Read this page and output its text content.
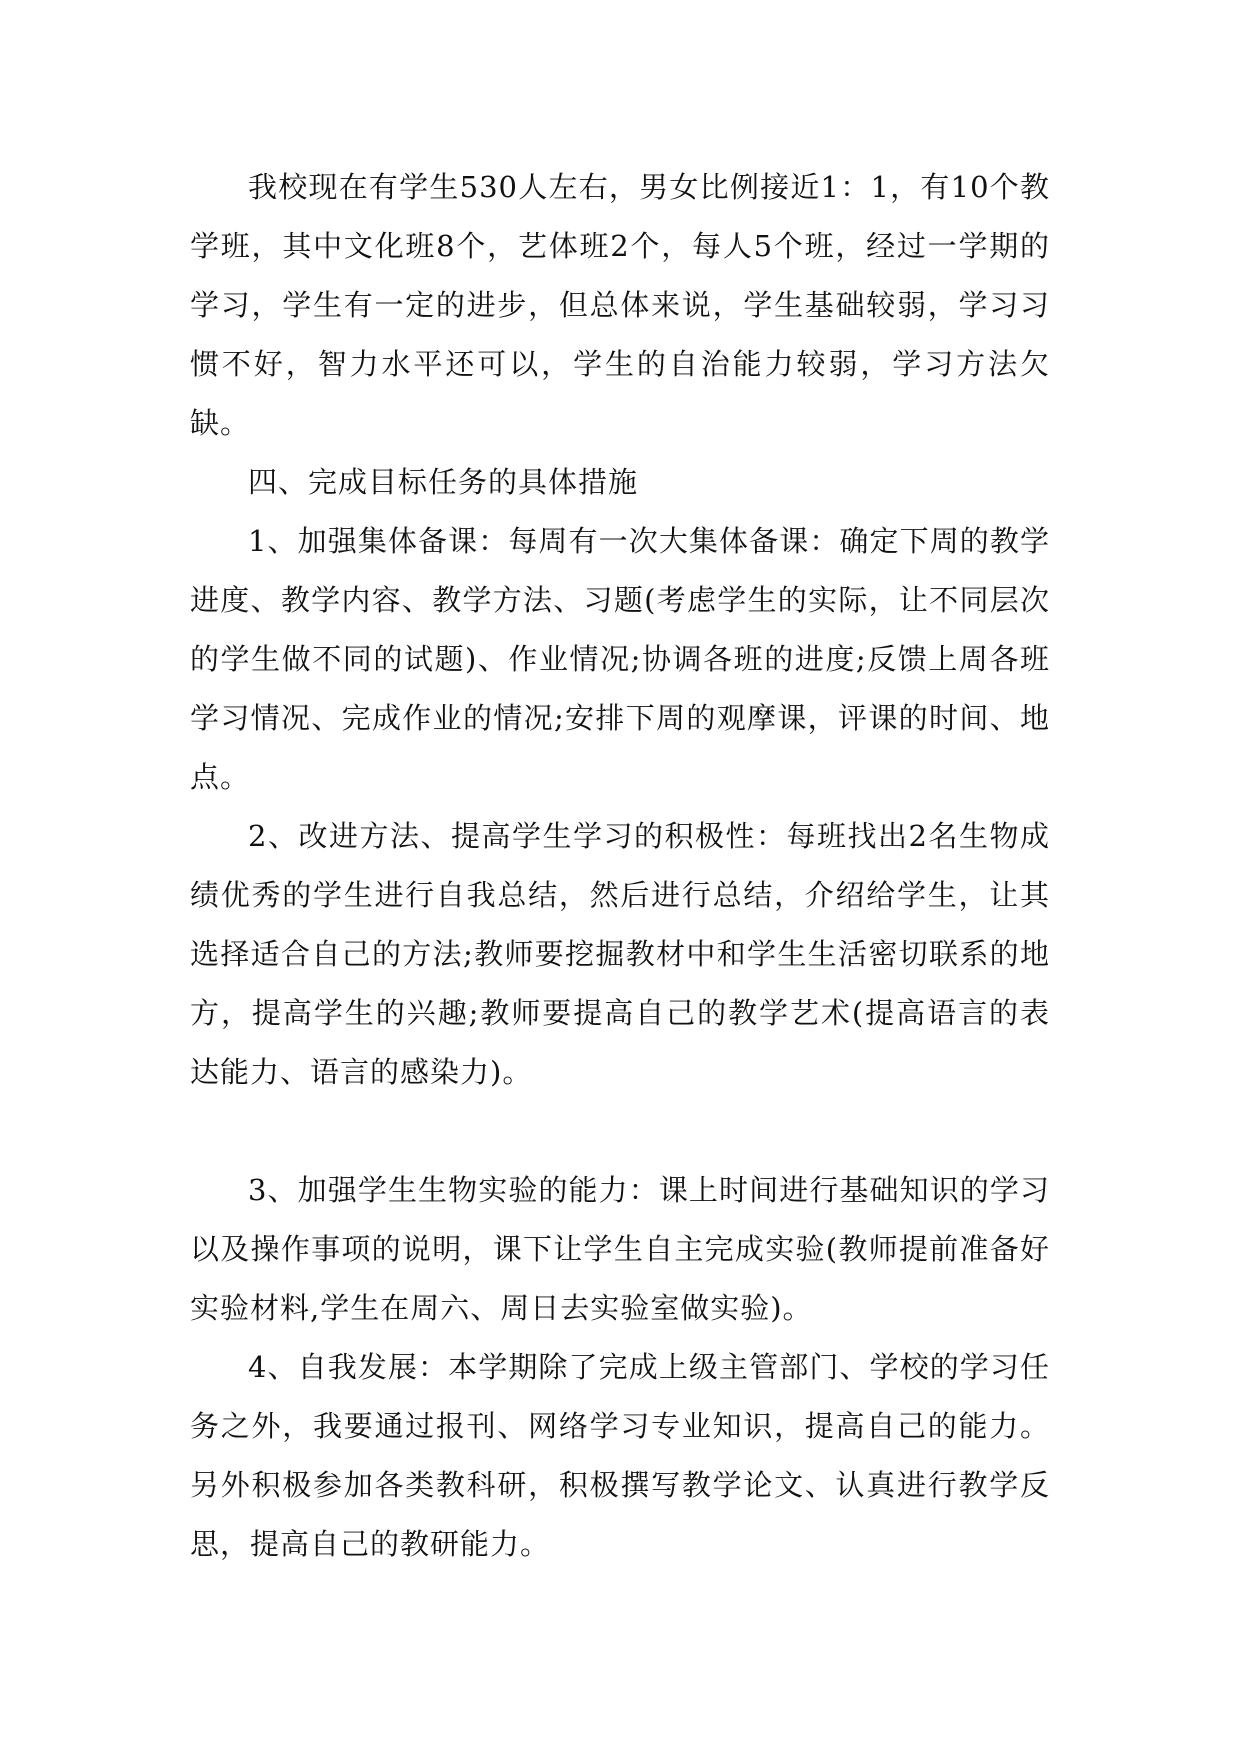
我校现在有学生530人左右，男女比例接近1：1，有10个教学班，其中文化班8个，艺体班2个，每人5个班，经过一学期的学习，学生有一定的进步，但总体来说，学生基础较弱，学习习惯不好，智力水平还可以，学生的自治能力较弱，学习方法欠缺。

四、完成目标任务的具体措施

1、加强集体备课：每周有一次大集体备课：确定下周的教学进度、教学内容、教学方法、习题(考虑学生的实际，让不同层次的学生做不同的试题)、作业情况;协调各班的进度;反馈上周各班学习情况、完成作业的情况;安排下周的观摩课，评课的时间、地点。

2、改进方法、提高学生学习的积极性：每班找出2名生物成绩优秀的学生进行自我总结，然后进行总结，介绍给学生，让其选择适合自己的方法;教师要挖掘教材中和学生生活密切联系的地方，提高学生的兴趣;教师要提高自己的教学艺术(提高语言的表达能力、语言的感染力)。

3、加强学生生物实验的能力：课上时间进行基础知识的学习以及操作事项的说明，课下让学生自主完成实验(教师提前准备好实验材料,学生在周六、周日去实验室做实验)。

4、自我发展：本学期除了完成上级主管部门、学校的学习任务之外，我要通过报刊、网络学习专业知识，提高自己的能力。另外积极参加各类教科研，积极撰写教学论文、认真进行教学反思，提高自己的教研能力。
